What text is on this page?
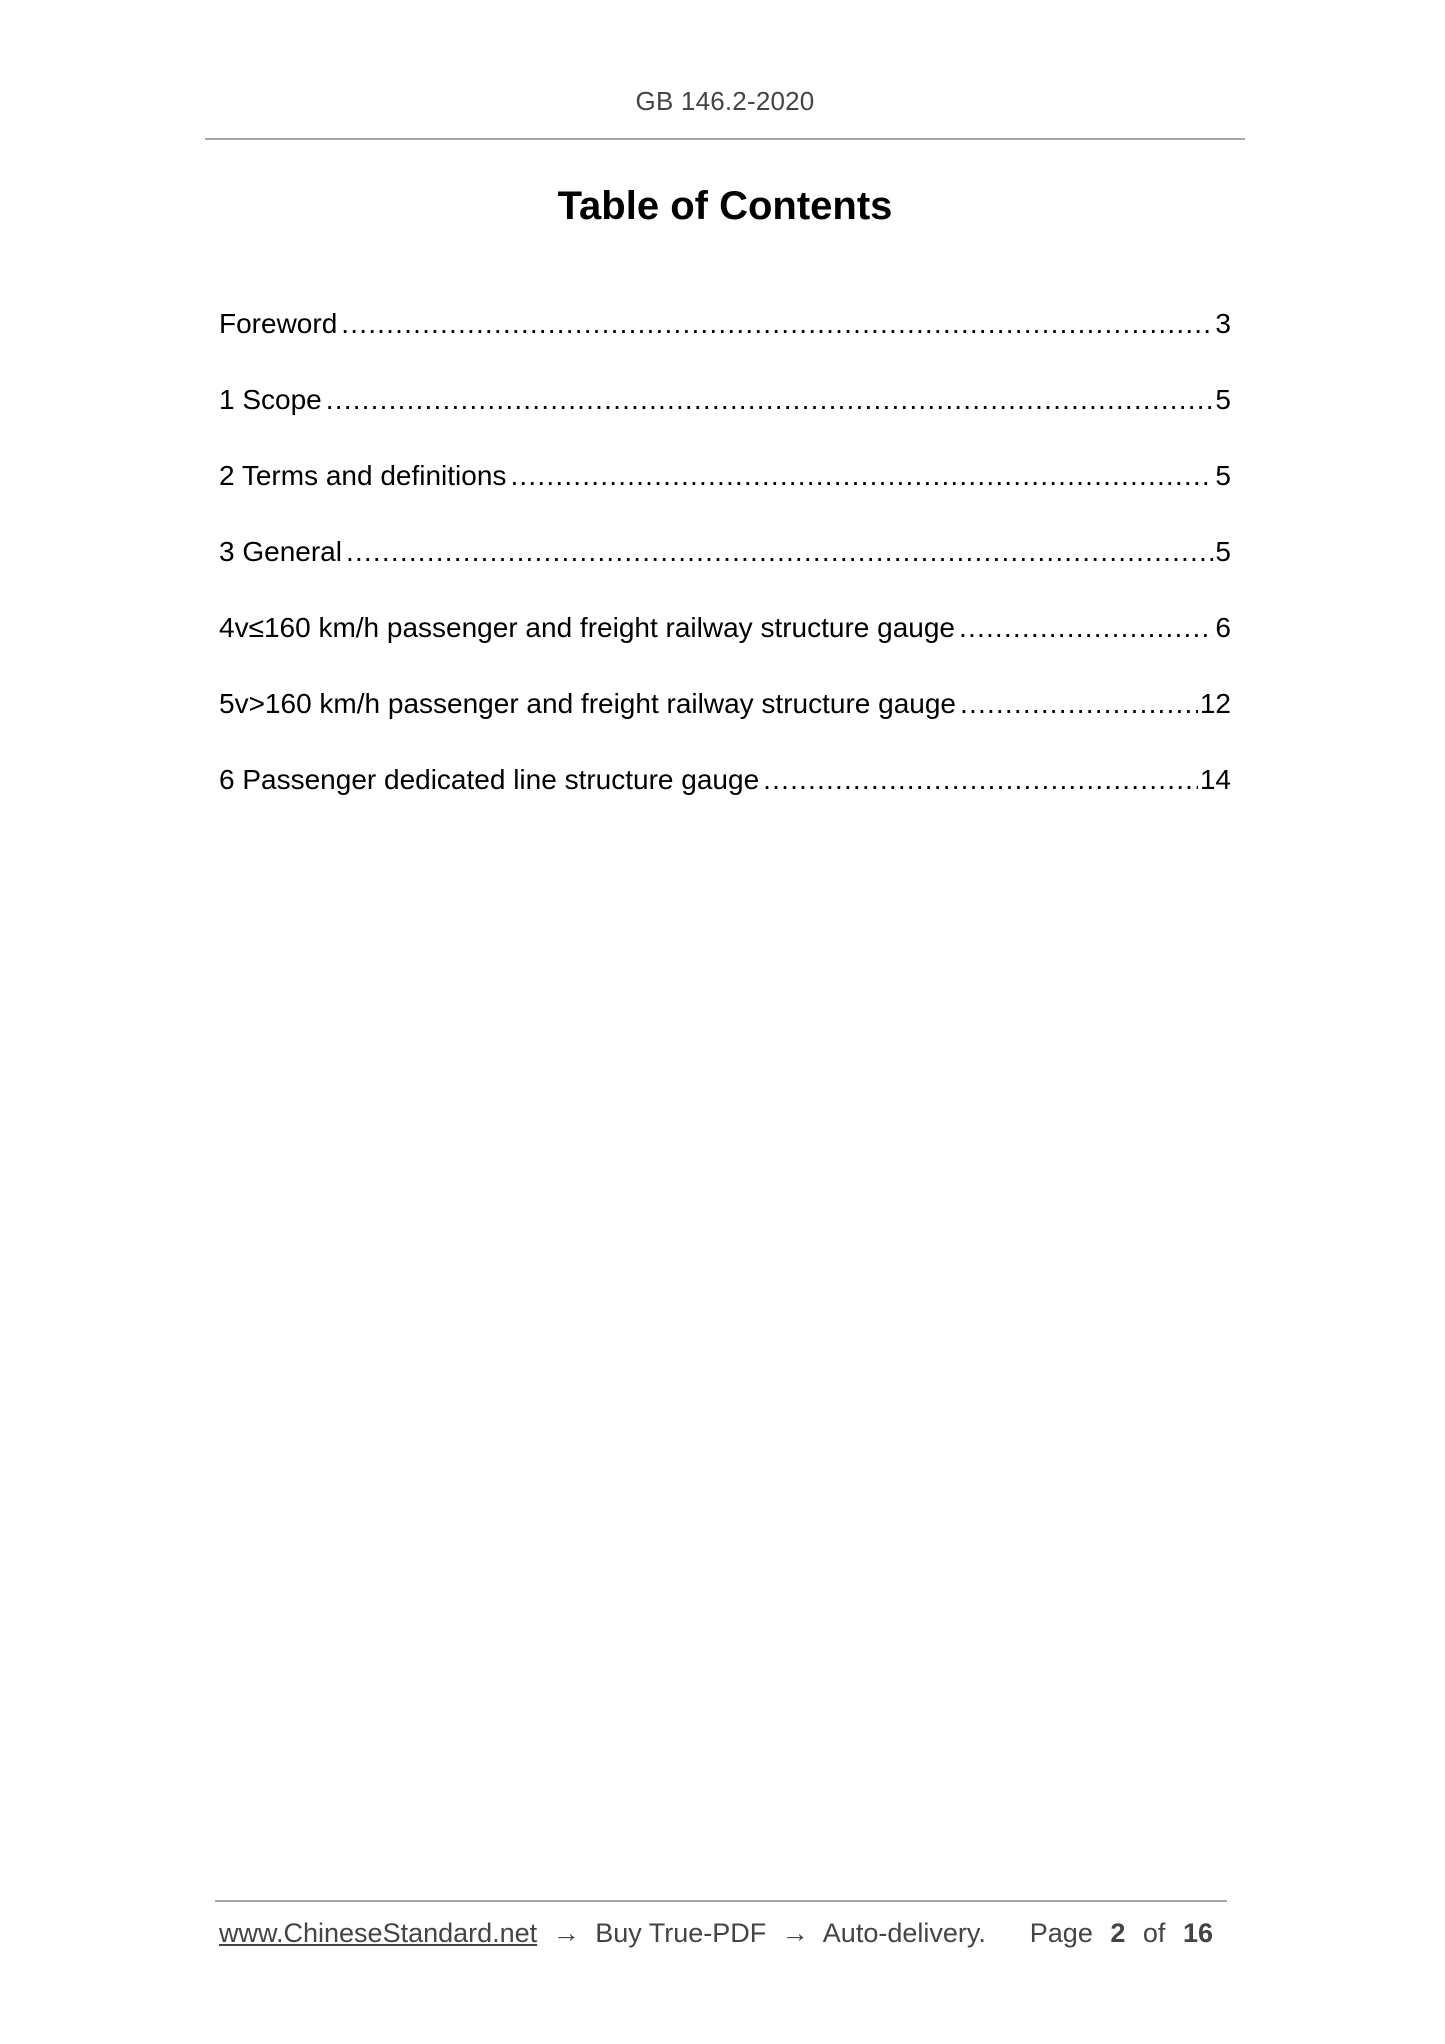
GB 146.2-2020
Table of Contents
Foreword .....	3
1 Scope .....	5
2 Terms and definitions .....	5
3 General .....	5
4 v≤160 km/h passenger and freight railway structure gauge .....	6
5 v>160 km/h passenger and freight railway structure gauge .....	12
6 Passenger dedicated line structure gauge .....	14
www.ChineseStandard.net → Buy True-PDF → Auto-delivery. Page 2 of 16
